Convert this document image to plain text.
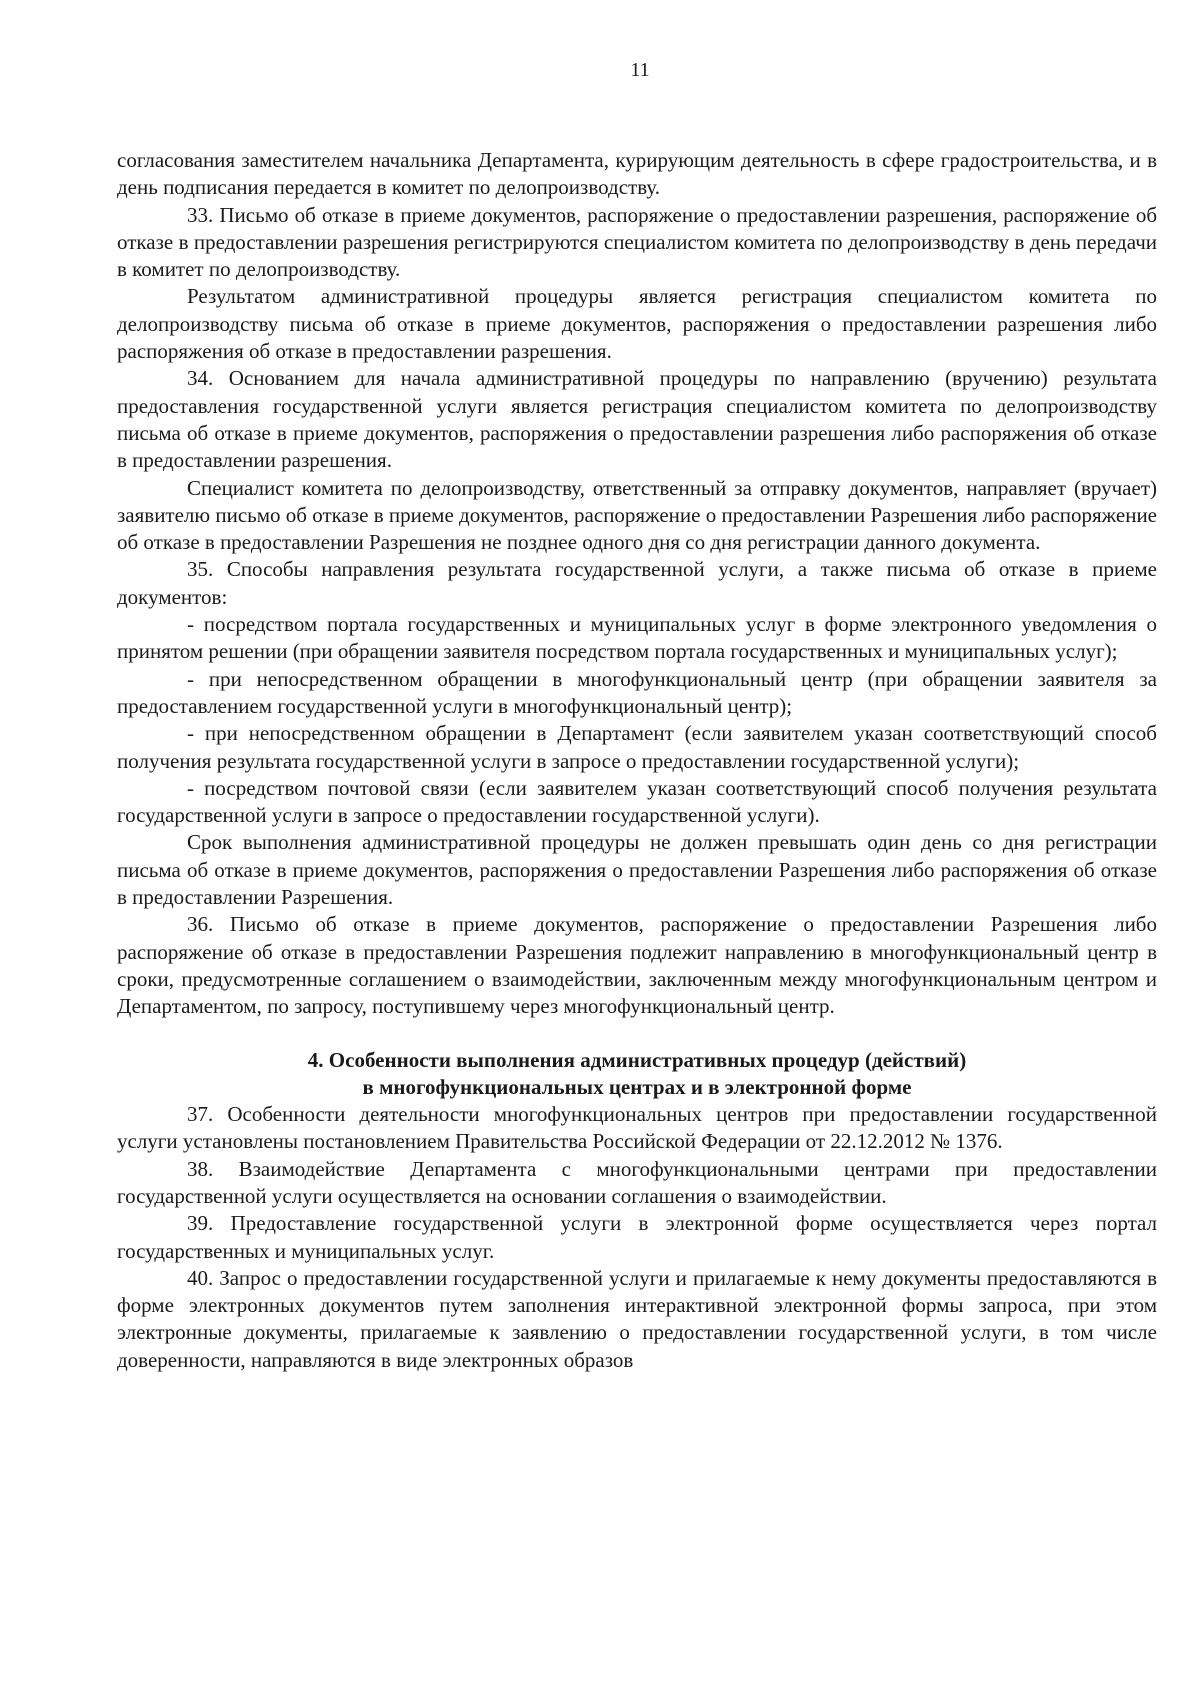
11

согласования заместителем начальника Департамента, курирующим деятельность в сфере градостроительства, и в день подписания передается в комитет по делопроизводству.

33. Письмо об отказе в приеме документов, распоряжение о предоставлении разрешения, распоряжение об отказе в предоставлении разрешения регистрируются специалистом комитета по делопроизводству в день передачи в комитет по делопроизводству.

Результатом административной процедуры является регистрация специалистом комитета по делопроизводству письма об отказе в приеме документов, распоряжения о предоставлении разрешения либо распоряжения об отказе в предоставлении разрешения.

34. Основанием для начала административной процедуры по направлению (вручению) результата предоставления государственной услуги является регистрация специалистом комитета по делопроизводству письма об отказе в приеме документов, распоряжения о предоставлении разрешения либо распоряжения об отказе в предоставлении разрешения.

Специалист комитета по делопроизводству, ответственный за отправку документов, направляет (вручает) заявителю письмо об отказе в приеме документов, распоряжение о предоставлении Разрешения либо распоряжение об отказе в предоставлении Разрешения не позднее одного дня со дня регистрации данного документа.

35. Способы направления результата государственной услуги, а также письма об отказе в приеме документов:

- посредством портала государственных и муниципальных услуг в форме электронного уведомления о принятом решении (при обращении заявителя посредством портала государственных и муниципальных услуг);

- при непосредственном обращении в многофункциональный центр (при обращении заявителя за предоставлением государственной услуги в многофункциональный центр);

- при непосредственном обращении в Департамент (если заявителем указан соответствующий способ получения результата государственной услуги в запросе о предоставлении государственной услуги);

- посредством почтовой связи (если заявителем указан соответствующий способ получения результата государственной услуги в запросе о предоставлении государственной услуги).

Срок выполнения административной процедуры не должен превышать один день со дня регистрации письма об отказе в приеме документов, распоряжения о предоставлении Разрешения либо распоряжения об отказе в предоставлении Разрешения.

36. Письмо об отказе в приеме документов, распоряжение о предоставлении Разрешения либо распоряжение об отказе в предоставлении Разрешения подлежит направлению в многофункциональный центр в сроки, предусмотренные соглашением о взаимодействии, заключенным между многофункциональным центром и Департаментом, по запросу, поступившему через многофункциональный центр.

4. Особенности выполнения административных процедур (действий)
в многофункциональных центрах и в электронной форме

37. Особенности деятельности многофункциональных центров при предоставлении государственной услуги установлены постановлением Правительства Российской Федерации от 22.12.2012 № 1376.

38. Взаимодействие Департамента с многофункциональными центрами при предоставлении государственной услуги осуществляется на основании соглашения о взаимодействии.

39. Предоставление государственной услуги в электронной форме осуществляется через портал государственных и муниципальных услуг.

40. Запрос о предоставлении государственной услуги и прилагаемые к нему документы предоставляются в форме электронных документов путем заполнения интерактивной электронной формы запроса, при этом электронные документы, прилагаемые к заявлению о предоставлении государственной услуги, в том числе доверенности, направляются в виде электронных образов
